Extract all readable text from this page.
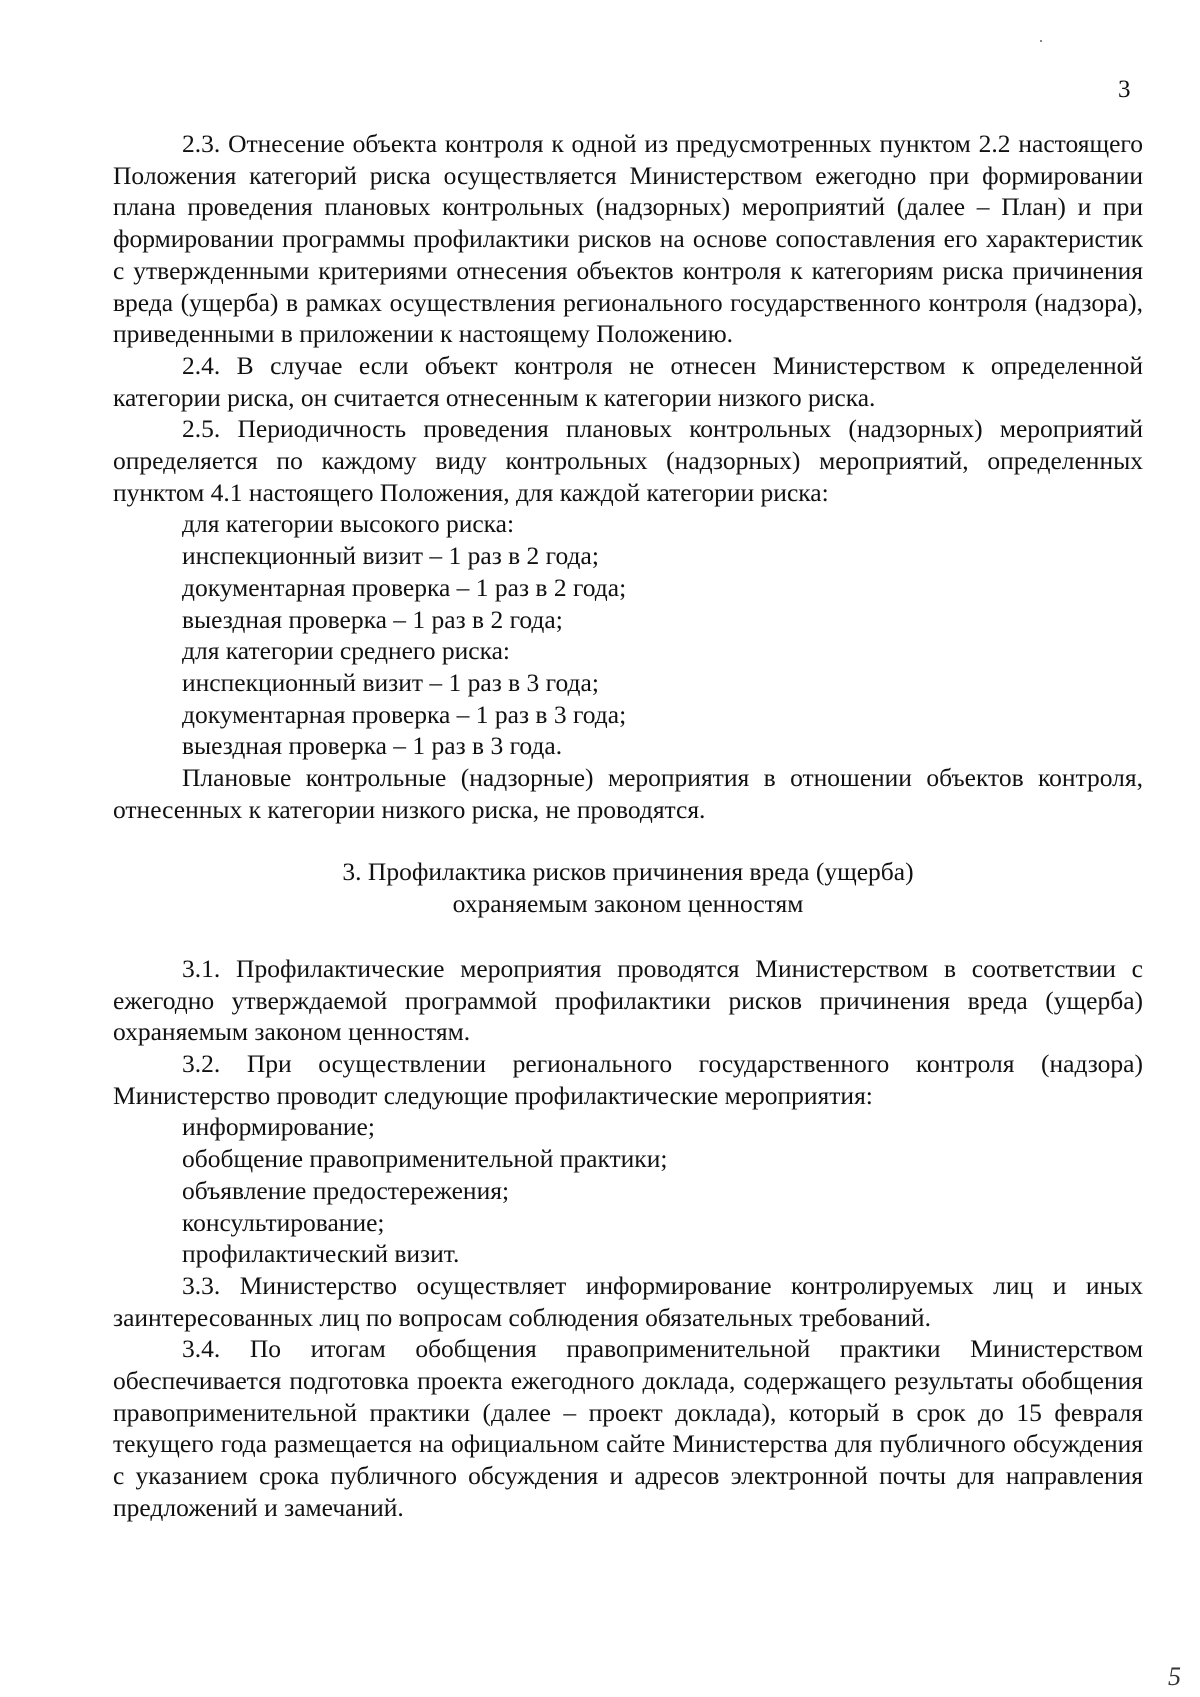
3

2.3. Отнесение объекта контроля к одной из предусмотренных пунктом 2.2 настоящего Положения категорий риска осуществляется Министерством ежегодно при формировании плана проведения плановых контрольных (надзорных) мероприятий (далее – План) и при формировании программы профилактики рисков на основе сопоставления его характеристик с утвержденными критериями отнесения объектов контроля к категориям риска причинения вреда (ущерба) в рамках осуществления регионального государственного контроля (надзора), приведенными в приложении к настоящему Положению.

2.4. В случае если объект контроля не отнесен Министерством к определенной категории риска, он считается отнесенным к категории низкого риска.

2.5. Периодичность проведения плановых контрольных (надзорных) мероприятий определяется по каждому виду контрольных (надзорных) мероприятий, определенных пунктом 4.1 настоящего Положения, для каждой категории риска:

для категории высокого риска:

инспекционный визит – 1 раз в 2 года;

документарная проверка – 1 раз в 2 года;

выездная проверка – 1 раз в 2 года;

для категории среднего риска:

инспекционный визит – 1 раз в 3 года;

документарная проверка – 1 раз в 3 года;

выездная проверка – 1 раз в 3 года.

Плановые контрольные (надзорные) мероприятия в отношении объектов контроля, отнесенных к категории низкого риска, не проводятся.

3. Профилактика рисков причинения вреда (ущерба)
охраняемым законом ценностям

3.1. Профилактические мероприятия проводятся Министерством в соответствии с ежегодно утверждаемой программой профилактики рисков причинения вреда (ущерба) охраняемым законом ценностям.

3.2. При осуществлении регионального государственного контроля (надзора) Министерство проводит следующие профилактические мероприятия:

информирование;

обобщение правоприменительной практики;

объявление предостережения;

консультирование;

профилактический визит.

3.3. Министерство осуществляет информирование контролируемых лиц и иных заинтересованных лиц по вопросам соблюдения обязательных требований.

3.4. По итогам обобщения правоприменительной практики Министерством обеспечивается подготовка проекта ежегодного доклада, содержащего результаты обобщения правоприменительной практики (далее – проект доклада), который в срок до 15 февраля текущего года размещается на официальном сайте Министерства для публичного обсуждения с указанием срока публичного обсуждения и адресов электронной почты для направления предложений и замечаний.

5
